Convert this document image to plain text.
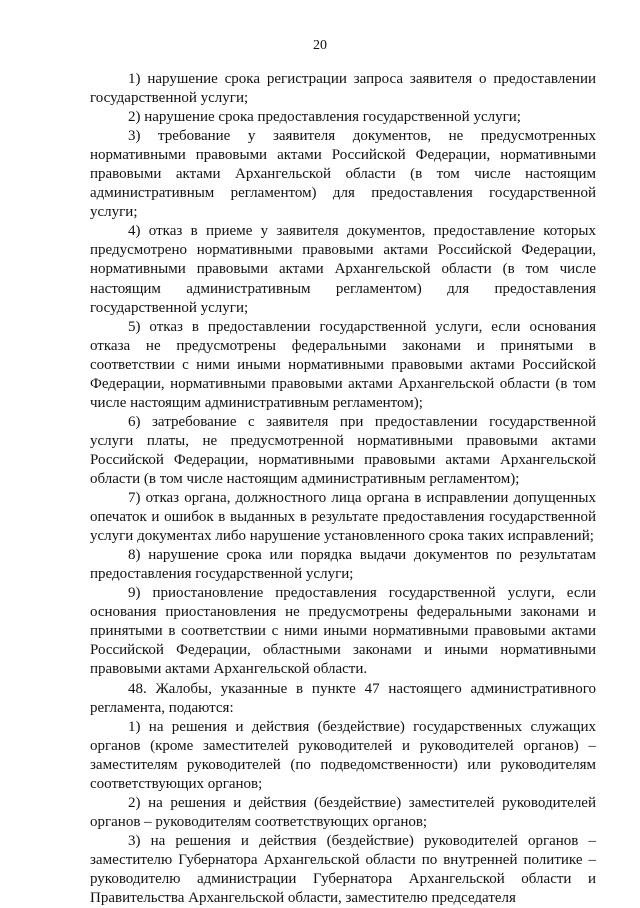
20

1) нарушение срока регистрации запроса заявителя о предоставлении государственной услуги;

2) нарушение срока предоставления государственной услуги;

3) требование у заявителя документов, не предусмотренных нормативными правовыми актами Российской Федерации, нормативными правовыми актами Архангельской области (в том числе настоящим административным регламентом) для предоставления государственной услуги;

4) отказ в приеме у заявителя документов, предоставление которых предусмотрено нормативными правовыми актами Российской Федерации, нормативными правовыми актами Архангельской области (в том числе настоящим административным регламентом) для предоставления государственной услуги;

5) отказ в предоставлении государственной услуги, если основания отказа не предусмотрены федеральными законами и принятыми в соответствии с ними иными нормативными правовыми актами Российской Федерации, нормативными правовыми актами Архангельской области (в том числе настоящим административным регламентом);

6) затребование с заявителя при предоставлении государственной услуги платы, не предусмотренной нормативными правовыми актами Российской Федерации, нормативными правовыми актами Архангельской области (в том числе настоящим административным регламентом);

7) отказ органа, должностного лица органа в исправлении допущенных опечаток и ошибок в выданных в результате предоставления государственной услуги документах либо нарушение установленного срока таких исправлений;

8) нарушение срока или порядка выдачи документов по результатам предоставления государственной услуги;

9) приостановление предоставления государственной услуги, если основания приостановления не предусмотрены федеральными законами и принятыми в соответствии с ними иными нормативными правовыми актами Российской Федерации, областными законами и иными нормативными правовыми актами Архангельской области.

48. Жалобы, указанные в пункте 47 настоящего административного регламента, подаются:

1) на решения и действия (бездействие) государственных служащих органов (кроме заместителей руководителей и руководителей органов) – заместителям руководителей (по подведомственности) или руководителям соответствующих органов;

2) на решения и действия (бездействие) заместителей руководителей органов – руководителям соответствующих органов;

3) на решения и действия (бездействие) руководителей органов – заместителю Губернатора Архангельской области по внутренней политике – руководителю администрации Губернатора Архангельской области и Правительства Архангельской области, заместителю председателя
